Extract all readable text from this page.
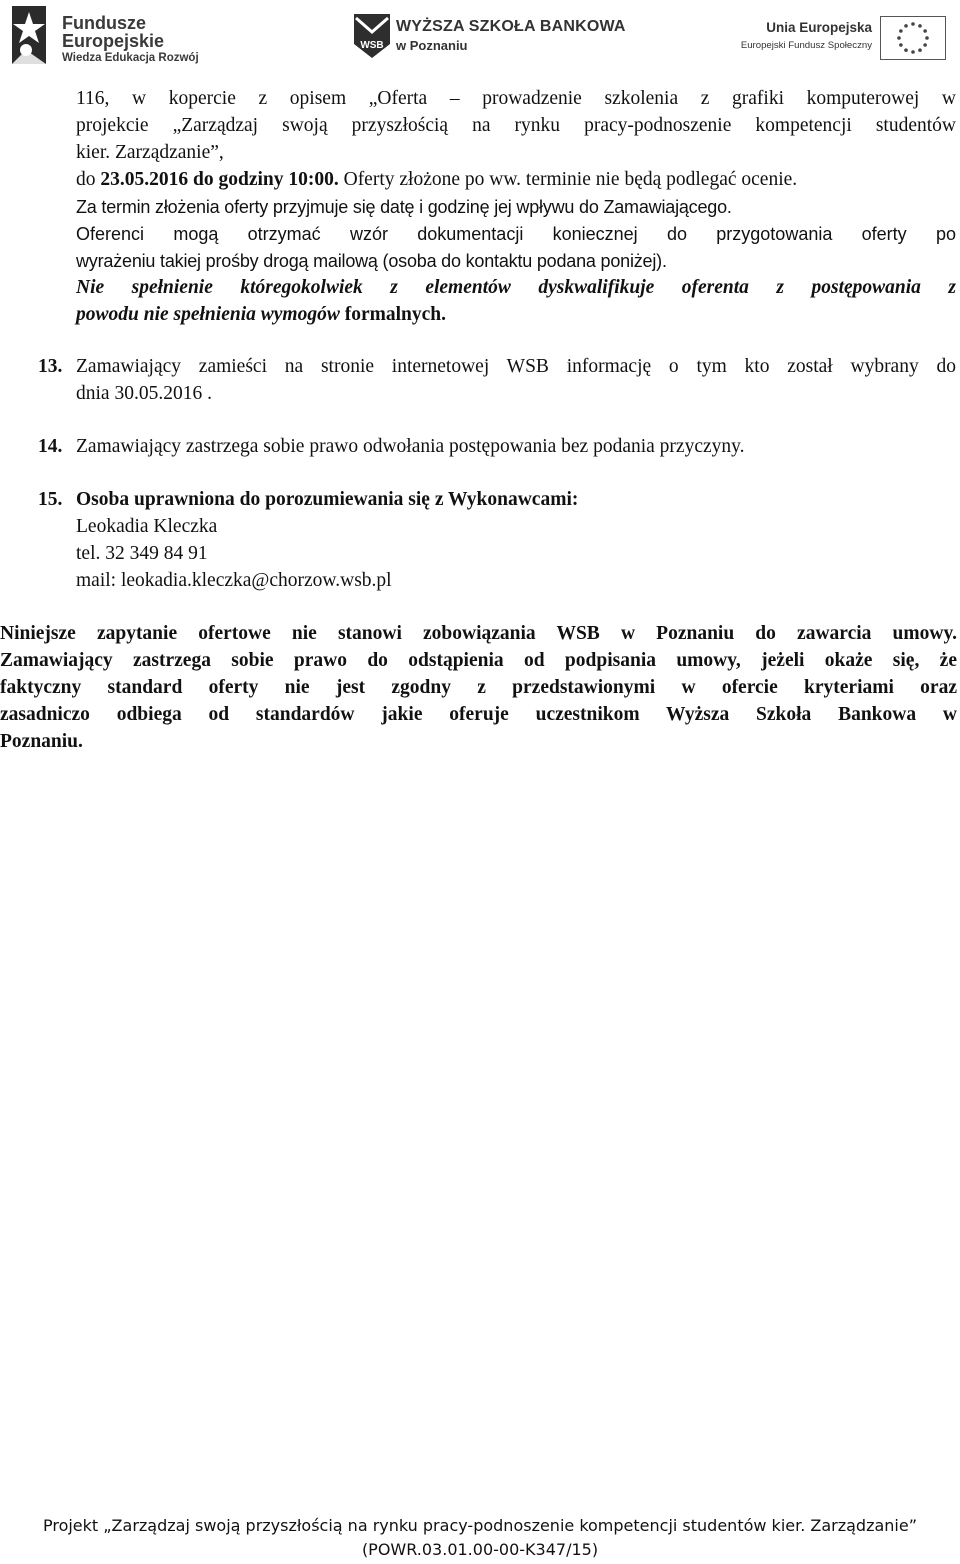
Fundusze Europejskie
Wiedza Edukacja Rozwój
WSB
WYŻSZA SZKOŁA BANKOWA
w Poznaniu
Unia Europejska
Europejski Fundusz Społeczny
116, w kopercie z opisem „Oferta – prowadzenie szkolenia z grafiki komputerowej w
projekcie „Zarządzaj swoją przyszłością na rynku pracy-podnoszenie kompetencji studentów
kier. Zarządzanie”,
do 23.05.2016 do godziny 10:00. Oferty złożone po ww. terminie nie będą podlegać ocenie.
Za termin złożenia oferty przyjmuje się datę i godzinę jej wpływu do Zamawiającego.
Oferenci mogą otrzymać wzór dokumentacji koniecznej do przygotowania oferty po
wyrażeniu takiej prośby drogą mailową (osoba do kontaktu podana poniżej).
Nie spełnienie któregokolwiek z elementów dyskwalifikuje oferenta z postępowania z
powodu nie spełnienia wymogów formalnych.
13. Zamawiający zamieści na stronie internetowej WSB informację o tym kto został wybrany do
dnia 30.05.2016 .
14. Zamawiający zastrzega sobie prawo odwołania postępowania bez podania przyczyny.
15. Osoba uprawniona do porozumiewania się z Wykonawcami:
Leokadia Kleczka
tel. 32 349 84 91
mail: leokadia.kleczka@chorzow.wsb.pl
Niniejsze zapytanie ofertowe nie stanowi zobowiązania WSB w Poznaniu do zawarcia umowy.
Zamawiający zastrzega sobie prawo do odstąpienia od podpisania umowy, jeżeli okaże się, że
faktyczny standard oferty nie jest zgodny z przedstawionymi w ofercie kryteriami oraz
zasadniczo odbiega od standardów jakie oferuje uczestnikom Wyższa Szkoła Bankowa w
Poznaniu.
Projekt „Zarządzaj swoją przyszłością na rynku pracy-podnoszenie kompetencji studentów kier. Zarządzanie”
(POWR.03.01.00-00-K347/15)
